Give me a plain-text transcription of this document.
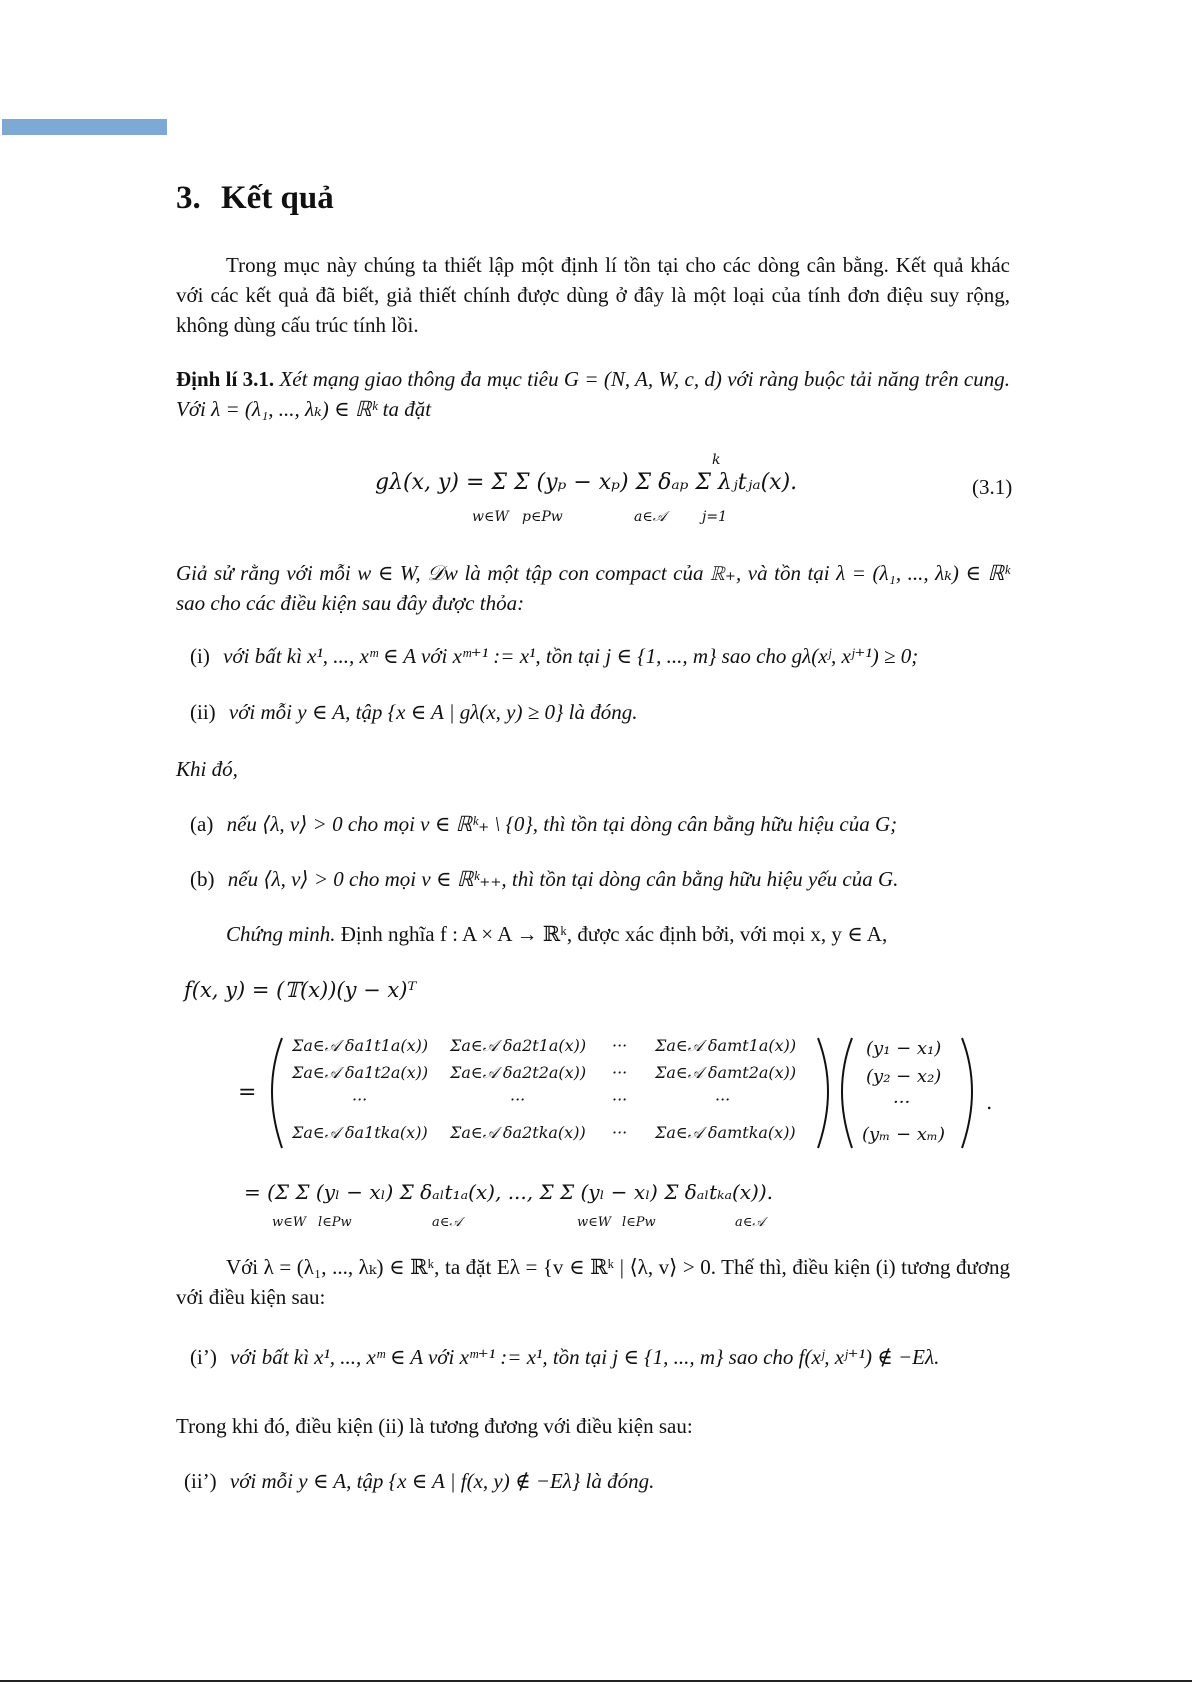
3. Kết quả

Trong mục này chúng ta thiết lập một định lí tồn tại cho các dòng cân bằng. Kết quả khác với các kết quả đã biết, giả thiết chính được dùng ở đây là một loại của tính đơn điệu suy rộng, không dùng cấu trúc tính lồi.

Định lí 3.1. Xét mạng giao thông đa mục tiêu G = (N, A, W, c, d) với ràng buộc tải năng trên cung. Với λ = (λ₁, ..., λₖ) ∈ ℝᵏ ta đặt

gλ(x, y) = Σ Σ (yₚ − xₚ) Σ δₐₚ Σ λⱼtⱼₐ(x).
w∈W p∈Pw	a∈𝒜	j=1
k
(3.1)

Giả sử rằng với mỗi w ∈ W, 𝒟w là một tập con compact của ℝ₊, và tồn tại λ = (λ₁, ..., λₖ) ∈ ℝᵏ sao cho các điều kiện sau đây được thỏa:

(i) với bất kì x¹, ..., xᵐ ∈ A với xᵐ⁺¹ := x¹, tồn tại j ∈ {1, ..., m} sao cho gλ(xʲ, xʲ⁺¹) ≥ 0;
(ii) với mỗi y ∈ A, tập {x ∈ A | gλ(x, y) ≥ 0} là đóng.
Khi đó,
(a) nếu ⟨λ, v⟩ > 0 cho mọi v ∈ ℝᵏ₊ \ {0}, thì tồn tại dòng cân bằng hữu hiệu của G;
(b) nếu ⟨λ, v⟩ > 0 cho mọi v ∈ ℝᵏ₊₊, thì tồn tại dòng cân bằng hữu hiệu yếu của G.

Chứng minh. Định nghĩa f : A × A → ℝᵏ, được xác định bởi, với mọi x, y ∈ A,

f(x, y) = (𝕋(x))(y − x)ᵀ
=
Σa∈𝒜 δa1t1a(x)) Σa∈𝒜 δa2t1a(x)) ··· Σa∈𝒜 δamt1a(x))
Σa∈𝒜 δa1t2a(x)) Σa∈𝒜 δa2t2a(x)) ··· Σa∈𝒜 δamt2a(x))
···	···	···	···
Σa∈𝒜 δa1tka(x)) Σa∈𝒜 δa2tka(x)) ··· Σa∈𝒜 δamtka(x))
(y₁ − x₁)
(y₂ − x₂)
···
(yₘ − xₘ)
.
= (Σ Σ (yₗ − xₗ) Σ δₐₗt₁ₐ(x), ..., Σ Σ (yₗ − xₗ) Σ δₐₗtₖₐ(x)).
w∈W l∈Pw	a∈𝒜	w∈W l∈Pw	a∈𝒜

Với λ = (λ₁, ..., λₖ) ∈ ℝᵏ, ta đặt Eλ = {v ∈ ℝᵏ | ⟨λ, v⟩ > 0. Thế thì, điều kiện (i) tương đương với điều kiện sau:

(i’) với bất kì x¹, ..., xᵐ ∈ A với xᵐ⁺¹ := x¹, tồn tại j ∈ {1, ..., m} sao cho f(xʲ, xʲ⁺¹) ∉ −Eλ.
Trong khi đó, điều kiện (ii) là tương đương với điều kiện sau:
(ii’) với mỗi y ∈ A, tập {x ∈ A | f(x, y) ∉ −Eλ} là đóng.
